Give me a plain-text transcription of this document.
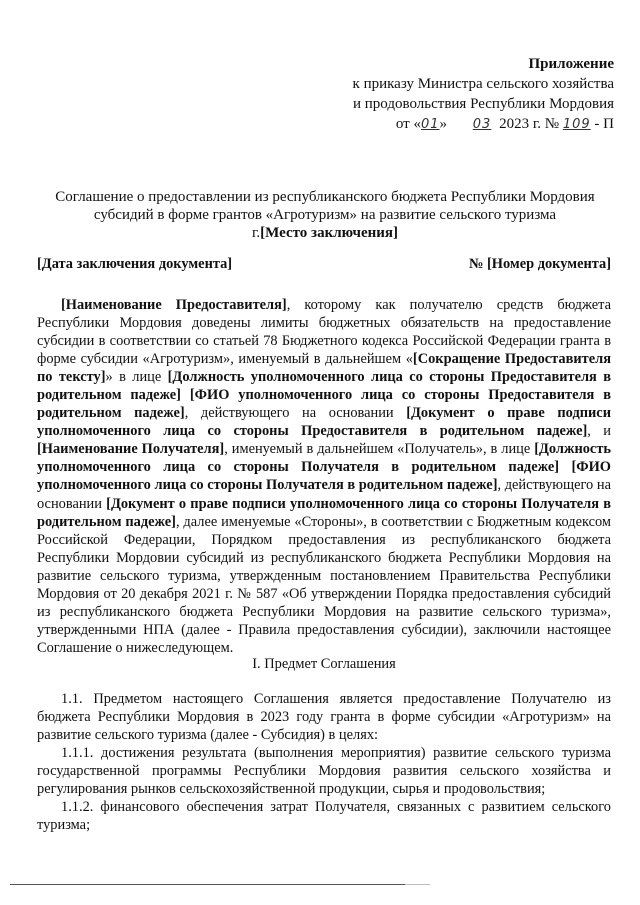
Приложение
к приказу Министра сельского хозяйства
и продовольствия Республики Мордовия
от «01» 03 2023 г. № 109 - П
Соглашение о предоставлении из республиканского бюджета Республики Мордовия
субсидий в форме грантов «Агротуризм» на развитие сельского туризма
г.[Место заключения]
[Дата заключения документа]	№ [Номер документа]

[Наименование Предоставителя], которому как получателю средств бюджета Республики Мордовия доведены лимиты бюджетных обязательств на предоставление субсидии в соответствии со статьей 78 Бюджетного кодекса Российской Федерации гранта в форме субсидии «Агротуризм», именуемый в дальнейшем «[Сокращение Предоставителя по тексту]» в лице [Должность уполномоченного лица со стороны Предоставителя в родительном падеже] [ФИО уполномоченного лица со стороны Предоставителя в родительном падеже], действующего на основании [Документ о праве подписи уполномоченного лица со стороны Предоставителя в родительном падеже], и [Наименование Получателя], именуемый в дальнейшем «Получатель», в лице [Должность уполномоченного лица со стороны Получателя в родительном падеже] [ФИО уполномоченного лица со стороны Получателя в родительном падеже], действующего на основании [Документ о праве подписи уполномоченного лица со стороны Получателя в родительном падеже], далее именуемые «Стороны», в соответствии с Бюджетным кодексом Российской Федерации, Порядком предоставления из республиканского бюджета Республики Мордовии субсидий из республиканского бюджета Республики Мордовия на развитие сельского туризма, утвержденным постановлением Правительства Республики Мордовия от 20 декабря 2021 г. № 587 «Об утверждении Порядка предоставления субсидий из республиканского бюджета Республики Мордовия на развитие сельского туризма», утвержденными НПА (далее - Правила предоставления субсидии), заключили настоящее Соглашение о нижеследующем.

I. Предмет Соглашения

1.1. Предметом настоящего Соглашения является предоставление Получателю из бюджета Республики Мордовия в 2023 году гранта в форме субсидии «Агротуризм» на развитие сельского туризма (далее - Субсидия) в целях:

1.1.1. достижения результата (выполнения мероприятия) развитие сельского туризма государственной программы Республики Мордовия развития сельского хозяйства и регулирования рынков сельскохозяйственной продукции, сырья и продовольствия;

1.1.2. финансового обеспечения затрат Получателя, связанных с развитием сельского туризма;
